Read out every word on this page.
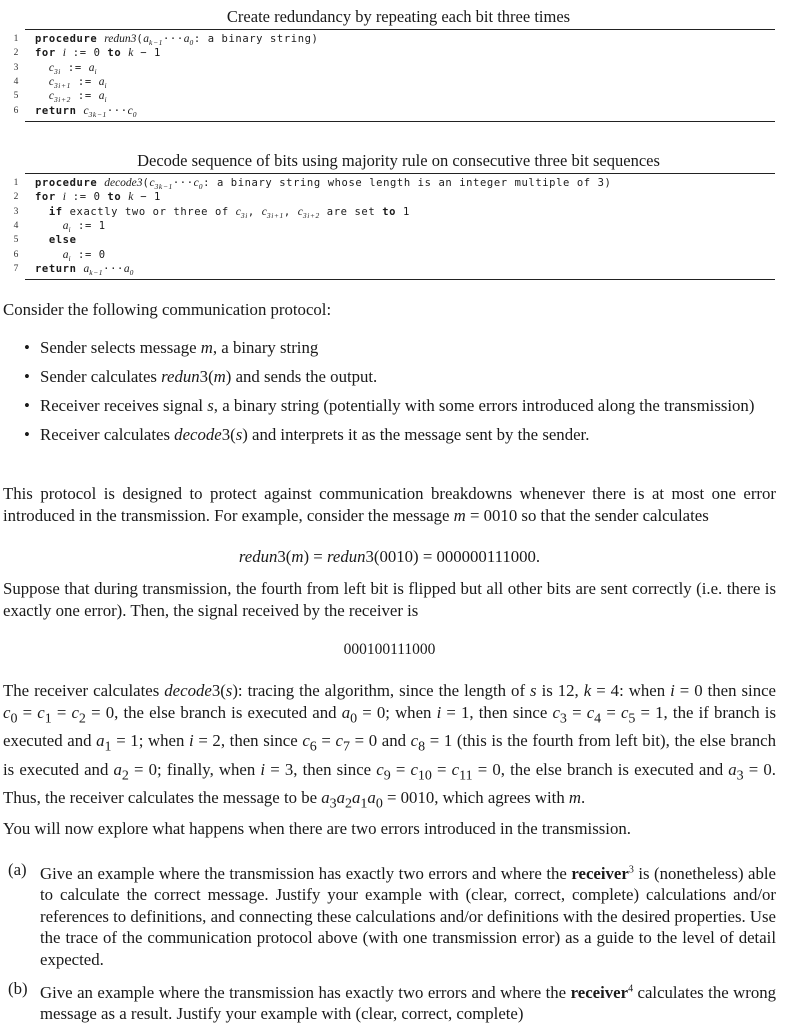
Create redundancy by repeating each bit three times
1	procedure $redun3(a_{k-1}\cdot\cdot\cdot a_0$: a binary string)
2	for i := 0 to k − 1
3	$c_{3i}$ := $a_i$
4	$c_{3i+1}$ := $a_i$
5	$c_{3i+2}$ := $a_i$
6	return $c_{3k-1}\cdot\cdot\cdot c_0$
Decode sequence of bits using majority rule on consecutive three bit sequences
1	procedure $decode3(c_{3k-1}\cdot\cdot\cdot c_0$: a binary string whose length is an integer multiple of 3)
2	for i := 0 to k − 1
3	if exactly two or three of $c_{3i}$, $c_{3i+1}$, $c_{3i+2}$ are set to 1
4	$a_i$ := 1
5	else
6	$a_i$ := 0
7	return $a_{k-1}\cdot\cdot\cdot a_0$
Consider the following communication protocol:
• Sender selects message m, a binary string
• Sender calculates redun3(m) and sends the output.
• Receiver receives signal s, a binary string (potentially with some errors introduced along the transmission)
• Receiver calculates decode3(s) and interprets it as the message sent by the sender.
This protocol is designed to protect against communication breakdowns whenever there is at most one error introduced in the transmission. For example, consider the message m = 0010 so that the sender calculates
redun3(m) = redun3(0010) = 000000111000.
Suppose that during transmission, the fourth from left bit is flipped but all other bits are sent correctly (i.e. there is exactly one error). Then, the signal received by the receiver is
000100111000
The receiver calculates decode3(s): tracing the algorithm, since the length of s is 12, k = 4: when i = 0 then since $c_0 = c_1 = c_2 = 0$, the else branch is executed and $a_0 = 0$; when i = 1, then since $c_3 = c_4 = c_5 = 1$, the if branch is executed and $a_1 = 1$; when i = 2, then since $c_6 = c_7 = 0$ and $c_8 = 1$ (this is the fourth from left bit), the else branch is executed and $a_2 = 0$; finally, when i = 3, then since $c_9 = c_{10} = c_{11} = 0$, the else branch is executed and $a_3 = 0$. Thus, the receiver calculates the message to be $a_3a_2a_1a_0 = 0010$, which agrees with m.
You will now explore what happens when there are two errors introduced in the transmission.
(a) Give an example where the transmission has exactly two errors and where the receiver$^3$ is (nonetheless) able to calculate the correct message. Justify your example with (clear, correct, complete) calculations and/or references to definitions, and connecting these calculations and/or definitions with the desired properties. Use the trace of the communication protocol above (with one transmission error) as a guide to the level of detail expected.
(b) Give an example where the transmission has exactly two errors and where the receiver$^4$ calculates the wrong message as a result. Justify your example with (clear, correct, complete)
